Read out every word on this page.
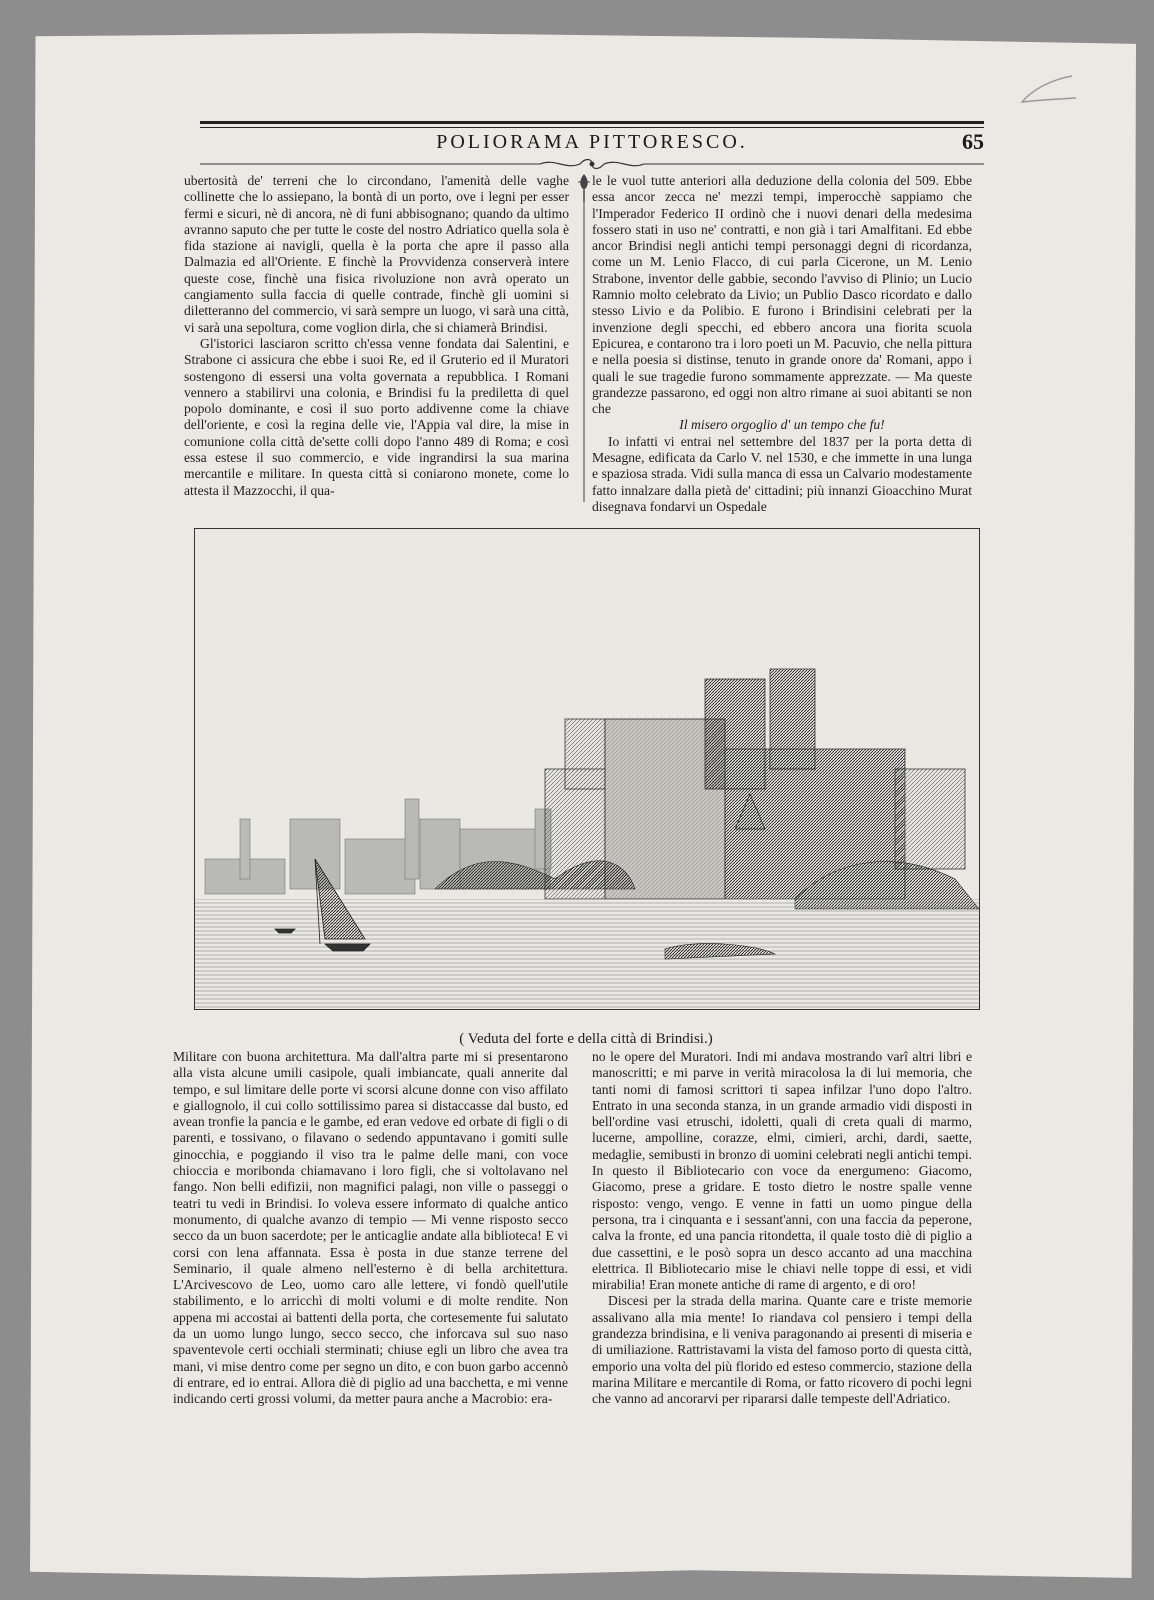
POLIORAMA PITTORESCO.	65

ubertosità de' terreni che lo circondano, l'amenità delle vaghe collinette che lo assiepano, la bontà di un porto, ove i legni per esser fermi e sicuri, nè di ancora, nè di funi abbisognano; quando da ultimo avranno saputo che per tutte le coste del nostro Adriatico quella sola è fida stazione ai navigli, quella è la porta che apre il passo alla Dalmazia ed all'Oriente. E finchè la Provvidenza conserverà intere queste cose, finchè una fisica rivoluzione non avrà operato un cangiamento sulla faccia di quelle contrade, finchè gli uomini si diletteranno del commercio, vi sarà sempre un luogo, vi sarà una città, vi sarà una sepoltura, come voglion dirla, che si chiamerà Brindisi.

Gl'istorici lasciaron scritto ch'essa venne fondata dai Salentini, e Strabone ci assicura che ebbe i suoi Re, ed il Gruterio ed il Muratori sostengono di essersi una volta governata a repubblica. I Romani vennero a stabilirvi una colonia, e Brindisi fu la prediletta di quel popolo dominante, e così il suo porto addivenne come la chiave dell'oriente, e così la regina delle vie, l'Appia val dire, la mise in comunione colla città de'sette colli dopo l'anno 489 di Roma; e così essa estese il suo commercio, e vide ingrandirsi la sua marina mercantile e militare. In questa città si coniarono monete, come lo attesta il Mazzocchi, il qua-

le le vuol tutte anteriori alla deduzione della colonia del 509. Ebbe essa ancor zecca ne' mezzi tempi, imperocchè sappiamo che l'Imperador Federico II ordinò che i nuovi denari della medesima fossero stati in uso ne' contratti, e non già i tari Amalfitani. Ed ebbe ancor Brindisi negli antichi tempi personaggi degni di ricordanza, come un M. Lenio Flacco, di cui parla Cicerone, un M. Lenio Strabone, inventor delle gabbie, secondo l'avviso di Plinio; un Lucio Ramnio molto celebrato da Livio; un Publio Dasco ricordato e dallo stesso Livio e da Polibio. E furono i Brindisini celebrati per la invenzione degli specchi, ed ebbero ancora una fiorita scuola Epicurea, e contarono tra i loro poeti un M. Pacuvio, che nella pittura e nella poesia si distinse, tenuto in grande onore da' Romani, appo i quali le sue tragedie furono sommamente apprezzate. — Ma queste grandezze passarono, ed oggi non altro rimane ai suoi abitanti se non che

Il misero orgoglio d' un tempo che fu!

Io infatti vi entrai nel settembre del 1837 per la porta detta di Mesagne, edificata da Carlo V. nel 1530, e che immette in una lunga e spaziosa strada. Vidi sulla manca di essa un Calvario modestamente fatto innalzare dalla pietà de' cittadini; più innanzi Gioacchino Murat disegnava fondarvi un Ospedale

( Veduta del forte e della città di Brindisi.)

Militare con buona architettura. Ma dall'altra parte mi si presentarono alla vista alcune umili casipole, quali imbiancate, quali annerite dal tempo, e sul limitare delle porte vi scorsi alcune donne con viso affilato e giallognolo, il cui collo sottilissimo parea si distaccasse dal busto, ed avean tronfie la pancia e le gambe, ed eran vedove ed orbate di figli o di parenti, e tossivano, o filavano o sedendo appuntavano i gomiti sulle ginocchia, e poggiando il viso tra le palme delle mani, con voce chioccia e moribonda chiamavano i loro figli, che si voltolavano nel fango. Non belli edifizii, non magnifici palagi, non ville o passeggi o teatri tu vedi in Brindisi. Io voleva essere informato di qualche antico monumento, di qualche avanzo di tempio — Mi venne risposto secco secco da un buon sacerdote; per le anticaglie andate alla biblioteca! E vi corsi con lena affannata. Essa è posta in due stanze terrene del Seminario, il quale almeno nell'esterno è di bella architettura. L'Arcivescovo de Leo, uomo caro alle lettere, vi fondò quell'utile stabilimento, e lo arricchì di molti volumi e di molte rendite. Non appena mi accostai ai battenti della porta, che cortesemente fui salutato da un uomo lungo lungo, secco secco, che inforcava sul suo naso spaventevole certi occhiali sterminati; chiuse egli un libro che avea tra mani, vi mise dentro come per segno un dito, e con buon garbo accennò di entrare, ed io entrai. Allora diè di piglio ad una bacchetta, e mi venne indicando certi grossi volumi, da metter paura anche a Macrobio: era-

no le opere del Muratori. Indi mi andava mostrando varî altri libri e manoscritti; e mi parve in verità miracolosa la di lui memoria, che tanti nomi di famosi scrittori ti sapea infilzar l'uno dopo l'altro. Entrato in una seconda stanza, in un grande armadio vidi disposti in bell'ordine vasi etruschi, idoletti, quali di creta quali di marmo, lucerne, ampolline, corazze, elmi, cimieri, archi, dardi, saette, medaglie, semibusti in bronzo di uomini celebrati negli antichi tempi. In questo il Bibliotecario con voce da energumeno: Giacomo, Giacomo, prese a gridare. E tosto dietro le nostre spalle venne risposto: vengo, vengo. E venne in fatti un uomo pingue della persona, tra i cinquanta e i sessant'anni, con una faccia da peperone, calva la fronte, ed una pancia ritondetta, il quale tosto diè di piglio a due cassettini, e le posò sopra un desco accanto ad una macchina elettrica. Il Bibliotecario mise le chiavi nelle toppe di essi, et vidi mirabilia! Eran monete antiche di rame di argento, e di oro!

Discesi per la strada della marina. Quante care e triste memorie assalivano alla mia mente! Io riandava col pensiero i tempi della grandezza brindisina, e li veniva paragonando ai presenti di miseria e di umiliazione. Rattristavami la vista del famoso porto di questa città, emporio una volta del più florido ed esteso commercio, stazione della marina Militare e mercantile di Roma, or fatto ricovero di pochi legni che vanno ad ancorarvi per ripararsi dalle tempeste dell'Adriatico.
